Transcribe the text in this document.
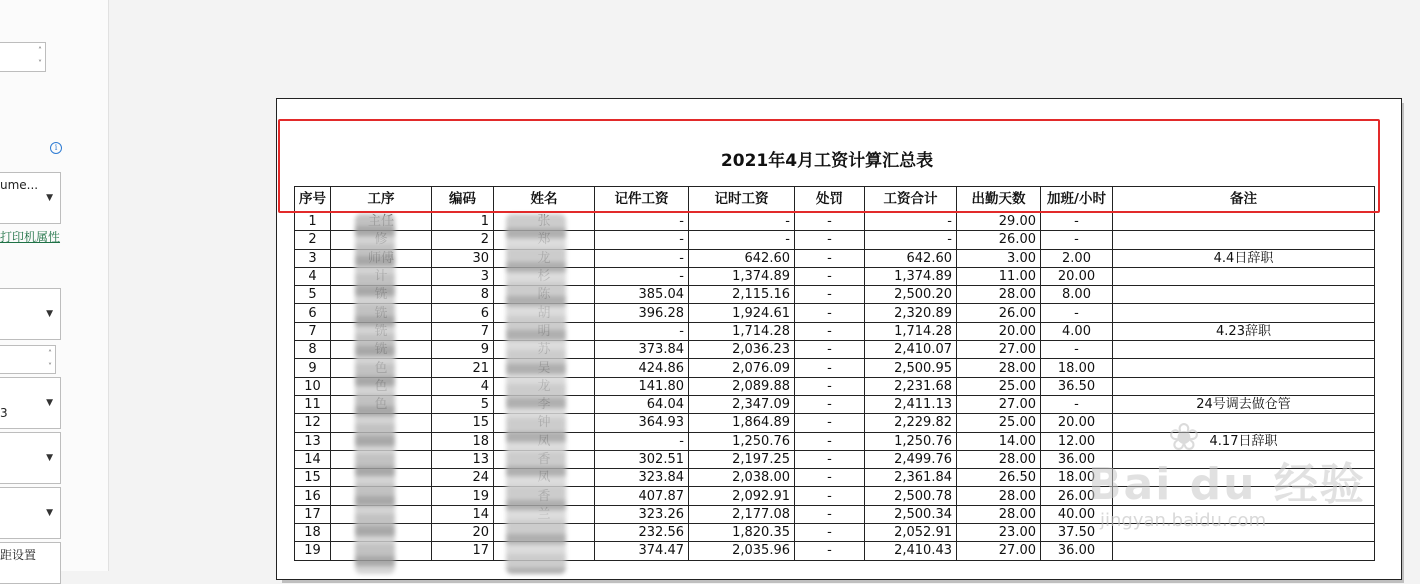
˄
˅
i
ume...
▼
打印机属性
▼
˄
˅
3
▼
▼
▼
距设置
2021年4月工资计算汇总表
序号	工序	编码	姓名	记件工资	记时工资	处罚	工资合计	出勤天数	加班/小时	备注
1		1		-	-	-	-	29.00	-	
2		2		-	-	-	-	26.00	-	
3		30		-	642.60	-	642.60	3.00	2.00	4.4日辞职
4		3		-	1,374.89	-	1,374.89	11.00	20.00	
5		8		385.04	2,115.16	-	2,500.20	28.00	8.00	
6		6		396.28	1,924.61	-	2,320.89	26.00	-	
7		7		-	1,714.28	-	1,714.28	20.00	4.00	4.23辞职
8		9		373.84	2,036.23	-	2,410.07	27.00	-	
9		21		424.86	2,076.09	-	2,500.95	28.00	18.00	
10		4		141.80	2,089.88	-	2,231.68	25.00	36.50	
11		5		64.04	2,347.09	-	2,411.13	27.00	-	24号调去做仓管
12		15		364.93	1,864.89	-	2,229.82	25.00	20.00	
13		18		-	1,250.76	-	1,250.76	14.00	12.00	4.17日辞职
14		13		302.51	2,197.25	-	2,499.76	28.00	36.00	
15		24		323.84	2,038.00	-	2,361.84	26.50	18.00	
16		19		407.87	2,092.91	-	2,500.78	28.00	26.00	
17		14		323.26	2,177.08	-	2,500.34	28.00	40.00	
18		20		232.56	1,820.35	-	2,052.91	23.00	37.50	
19		17		374.47	2,035.96	-	2,410.43	27.00	36.00	
❀
Bai du 经验
jingyan.baidu.com
